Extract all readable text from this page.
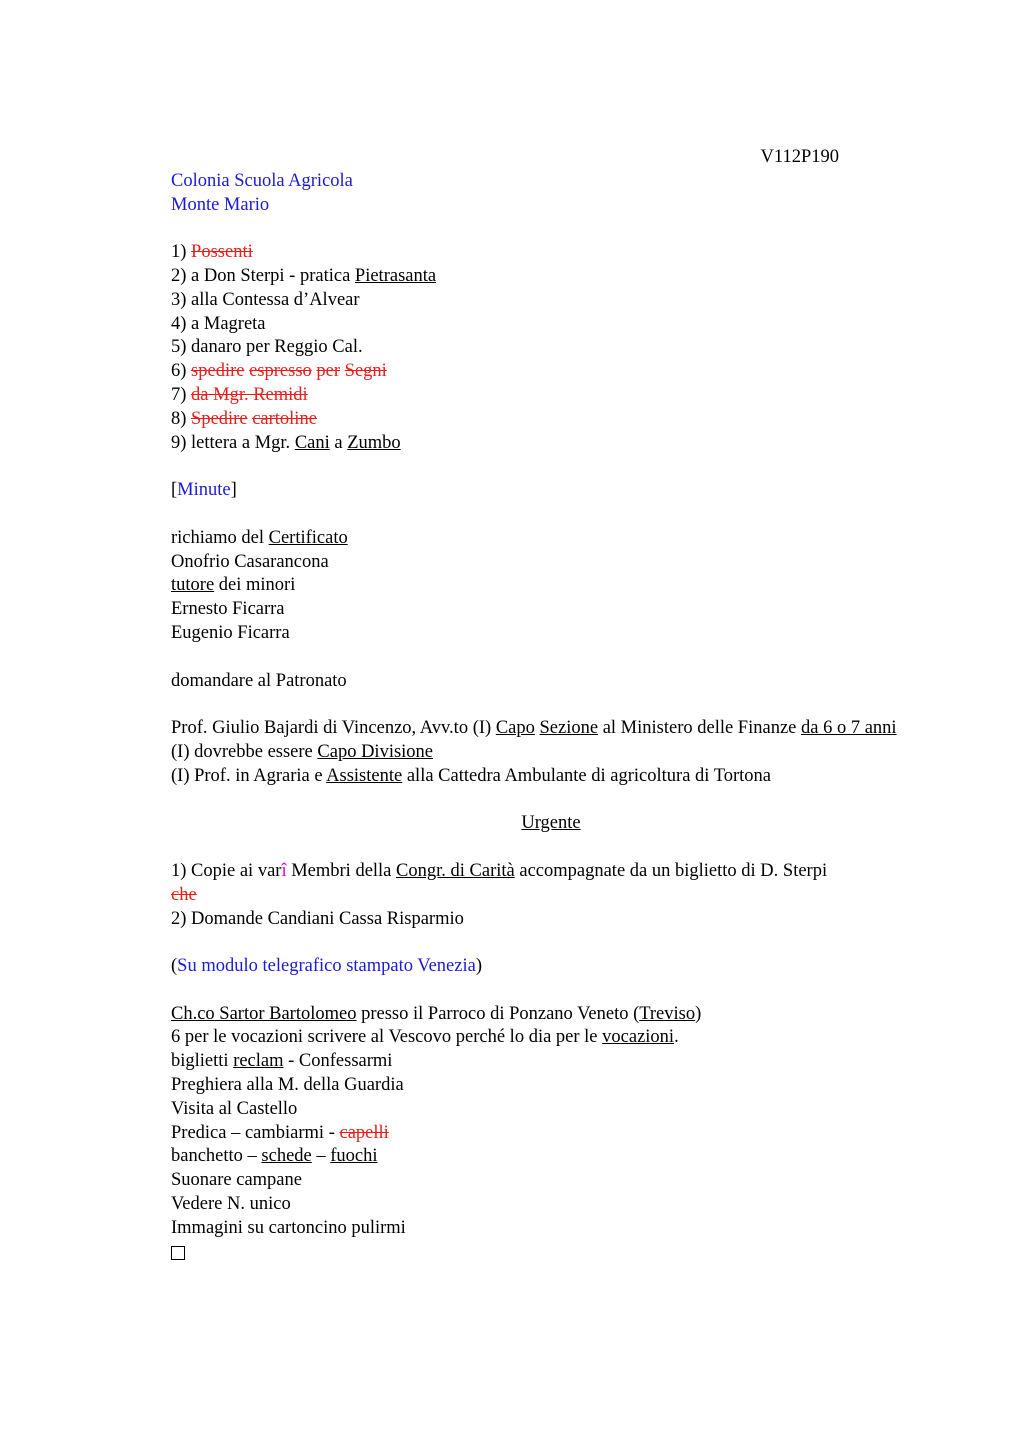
V112P190
Colonia Scuola Agricola
Monte Mario
1) Possenti
2) a Don Sterpi - pratica Pietrasanta
3) alla Contessa d’Alvear
4) a Magreta
5) danaro per Reggio Cal.
6) spedire espresso per Segni
7) da Mgr. Remidi
8) Spedire cartoline
9) lettera a Mgr. Cani a Zumbo
[Minute]
richiamo del Certificato
Onofrio Casarancona
tutore dei minori
Ernesto Ficarra
Eugenio Ficarra
domandare al Patronato
Prof. Giulio Bajardi di Vincenzo, Avv.to (I) Capo Sezione al Ministero delle Finanze da 6 o 7 anni
(I) dovrebbe essere Capo Divisione
(I) Prof. in Agraria e Assistente alla Cattedra Ambulante di agricoltura di Tortona
Urgente
1) Copie ai varî Membri della Congr. di Carità accompagnate da un biglietto di D. Sterpi
che
2) Domande Candiani Cassa Risparmio
(Su modulo telegrafico stampato Venezia)
Ch.co Sartor Bartolomeo presso il Parroco di Ponzano Veneto (Treviso)
6 per le vocazioni scrivere al Vescovo perché lo dia per le vocazioni.
biglietti reclam - Confessarmi
Preghiera alla M. della Guardia
Visita al Castello
Predica – cambiarmi - capelli
banchetto – schede – fuochi
Suonare campane
Vedere N. unico
Immagini su cartoncino pulirmi
